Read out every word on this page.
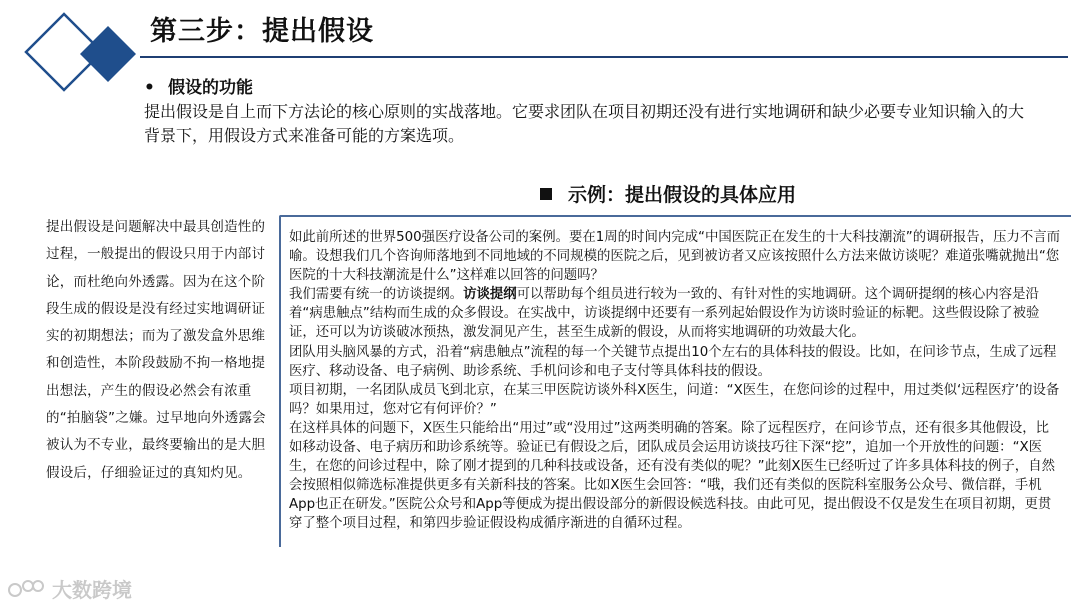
第三步：提出假设
• 假设的功能
提出假设是自上而下方法论的核心原则的实战落地。它要求团队在项目初期还没有进行实地调研和缺少必要专业知识输入的大背景下，用假设方式来准备可能的方案选项。
示例：提出假设的具体应用
提出假设是问题解决中最具创造性的过程，一般提出的假设只用于内部讨论，而杜绝向外透露。因为在这个阶段生成的假设是没有经过实地调研证实的初期想法；而为了激发盒外思维和创造性，本阶段鼓励不拘一格地提出想法，产生的假设必然会有浓重的“拍脑袋”之嫌。过早地向外透露会被认为不专业，最终要输出的是大胆假设后，仔细验证过的真知灼见。

如此前所述的世界500强医疗设备公司的案例。要在1周的时间内完成“中国医院正在发生的十大科技潮流”的调研报告，压力不言而喻。设想我们几个咨询师落地到不同地域的不同规模的医院之后，见到被访者又应该按照什么方法来做访谈呢？难道张嘴就抛出“您医院的十大科技潮流是什么”这样难以回答的问题吗？

我们需要有统一的访谈提纲。访谈提纲可以帮助每个组员进行较为一致的、有针对性的实地调研。这个调研提纲的核心内容是沿着“病患触点”结构而生成的众多假设。在实战中，访谈提纲中还要有一系列起始假设作为访谈时验证的标靶。这些假设除了被验证，还可以为访谈破冰预热，激发洞见产生，甚至生成新的假设，从而将实地调研的功效最大化。

团队用头脑风暴的方式，沿着“病患触点”流程的每一个关键节点提出10个左右的具体科技的假设。比如，在问诊节点，生成了远程医疗、移动设备、电子病例、助诊系统、手机问诊和电子支付等具体科技的假设。

项目初期，一名团队成员飞到北京，在某三甲医院访谈外科X医生，问道：“X医生，在您问诊的过程中，用过类似‘远程医疗’的设备吗？如果用过，您对它有何评价？”

在这样具体的问题下，X医生只能给出“用过”或“没用过”这两类明确的答案。除了远程医疗，在问诊节点，还有很多其他假设，比如移动设备、电子病历和助诊系统等。验证已有假设之后，团队成员会运用访谈技巧往下深“挖”，追加一个开放性的问题：“X医生，在您的问诊过程中，除了刚才提到的几种科技或设备，还有没有类似的呢？”此刻X医生已经听过了许多具体科技的例子，自然会按照相似筛选标准提供更多有关新科技的答案。比如X医生会回答：“哦，我们还有类似的医院科室服务公众号、微信群，手机App也正在研发。”医院公众号和App等便成为提出假设部分的新假设候选科技。由此可见，提出假设不仅是发生在项目初期，更贯穿了整个项目过程，和第四步验证假设构成循序渐进的自循环过程。

大数跨境
